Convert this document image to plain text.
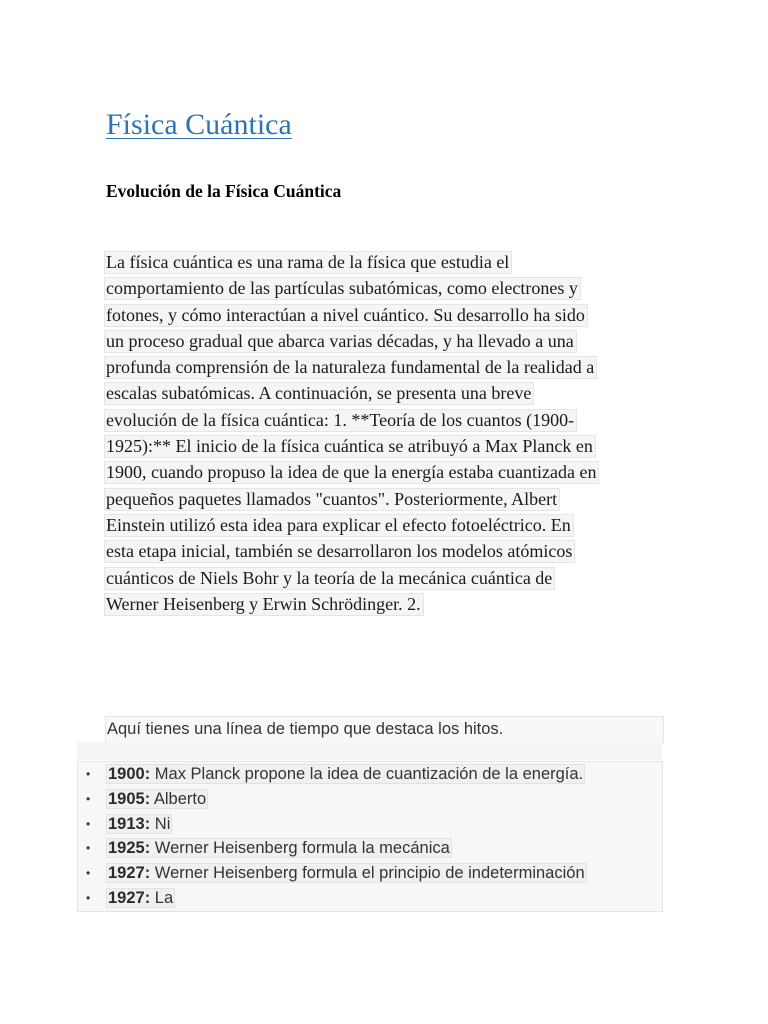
Física Cuántica
Evolución de la Física Cuántica
La física cuántica es una rama de la física que estudia el
comportamiento de las partículas subatómicas, como electrones y
fotones, y cómo interactúan a nivel cuántico. Su desarrollo ha sido
un proceso gradual que abarca varias décadas, y ha llevado a una
profunda comprensión de la naturaleza fundamental de la realidad a
escalas subatómicas. A continuación, se presenta una breve
evolución de la física cuántica: 1. **Teoría de los cuantos (1900-
1925):** El inicio de la física cuántica se atribuyó a Max Planck en
1900, cuando propuso la idea de que la energía estaba cuantizada en
pequeños paquetes llamados "cuantos". Posteriormente, Albert
Einstein utilizó esta idea para explicar el efecto fotoeléctrico. En
esta etapa inicial, también se desarrollaron los modelos atómicos
cuánticos de Niels Bohr y la teoría de la mecánica cuántica de
Werner Heisenberg y Erwin Schrödinger. 2.
Aquí tienes una línea de tiempo que destaca los hitos.
• 1900: Max Planck propone la idea de cuantización de la energía.
• 1905: Alberto
• 1913: Ni
• 1925: Werner Heisenberg formula la mecánica
• 1927: Werner Heisenberg formula el principio de indeterminación
• 1927: La
